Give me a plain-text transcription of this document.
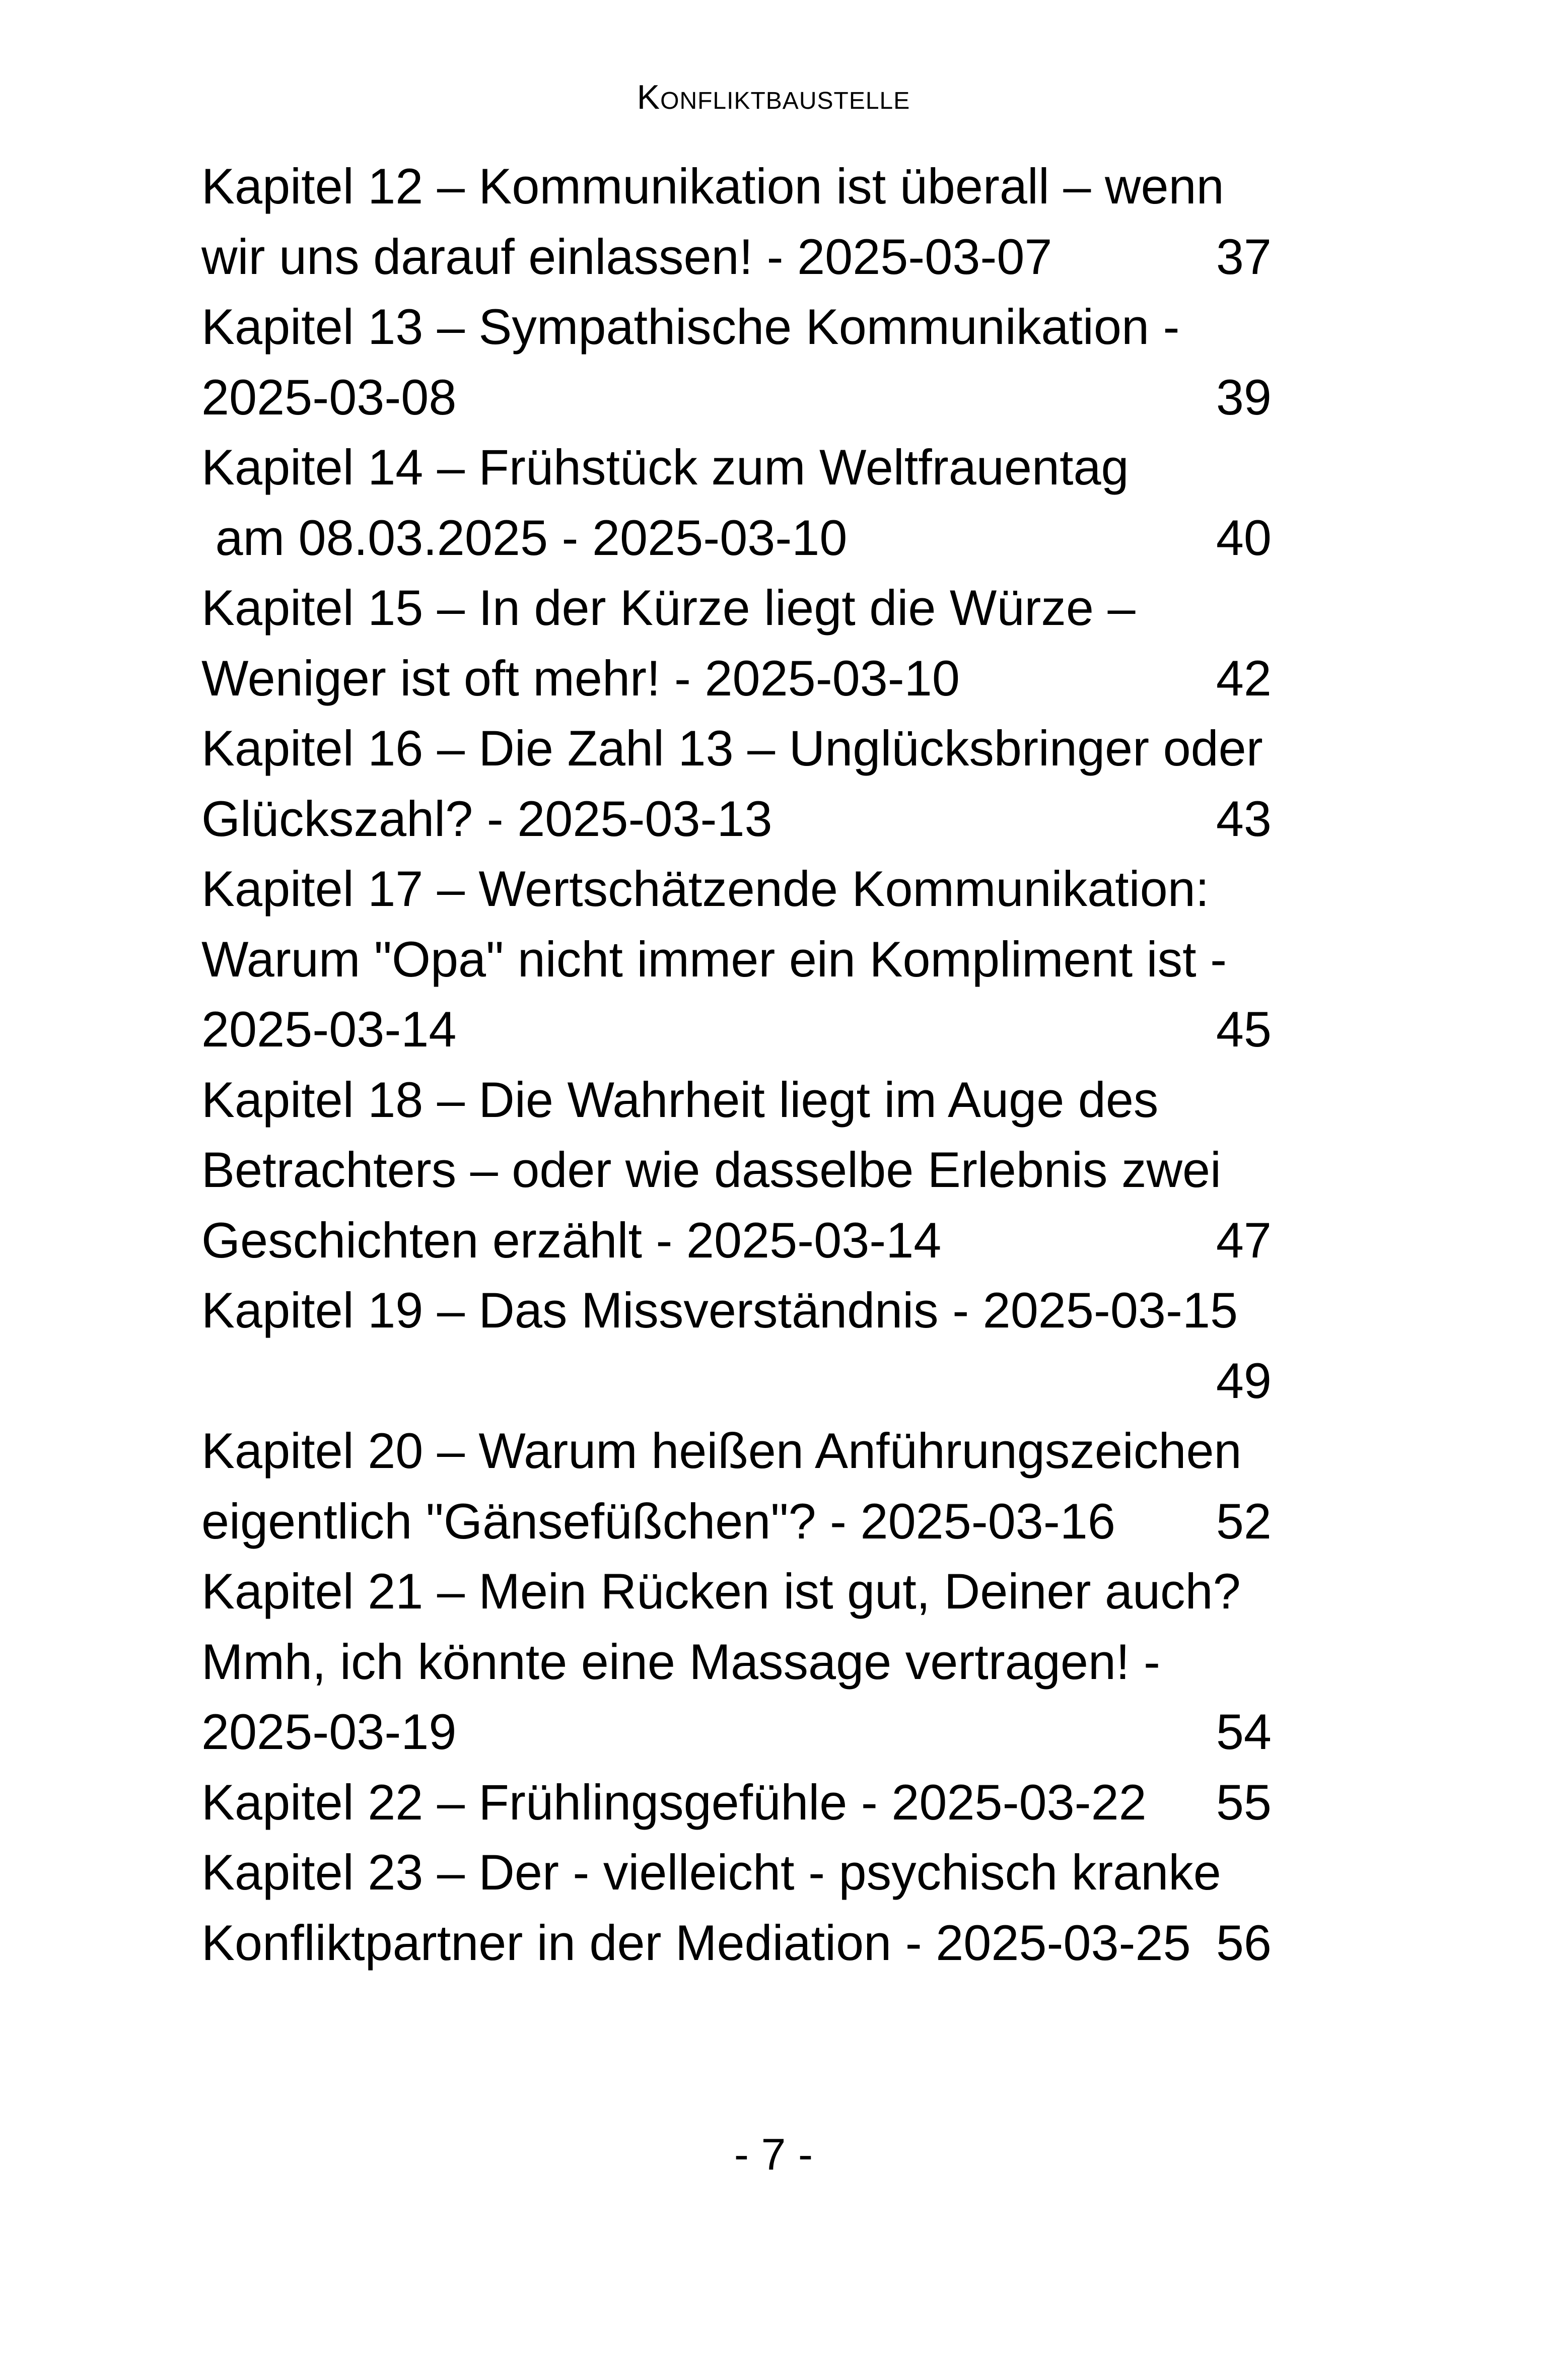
Konfliktbaustelle
Kapitel 12 – Kommunikation ist überall – wenn
wir uns darauf einlassen! - 2025-03-07	37
Kapitel 13 – Sympathische Kommunikation -
2025-03-08	39
Kapitel 14 – Frühstück zum Weltfrauentag
am 08.03.2025 - 2025-03-10	40
Kapitel 15 – In der Kürze liegt die Würze –
Weniger ist oft mehr! - 2025-03-10	42
Kapitel 16 – Die Zahl 13 – Unglücksbringer oder
Glückszahl? - 2025-03-13	43
Kapitel 17 – Wertschätzende Kommunikation:
Warum "Opa" nicht immer ein Kompliment ist -
2025-03-14	45
Kapitel 18 – Die Wahrheit liegt im Auge des
Betrachters – oder wie dasselbe Erlebnis zwei
Geschichten erzählt - 2025-03-14	47
Kapitel 19 – Das Missverständnis - 2025-03-15
49
Kapitel 20 – Warum heißen Anführungszeichen
eigentlich "Gänsefüßchen"? - 2025-03-16 52
Kapitel 21 – Mein Rücken ist gut, Deiner auch?
Mmh, ich könnte eine Massage vertragen! -
2025-03-19	54
Kapitel 22 – Frühlingsgefühle - 2025-03-22 55
Kapitel 23 – Der - vielleicht - psychisch kranke
Konfliktpartner in der Mediation - 2025-03-25 56
- 7 -
